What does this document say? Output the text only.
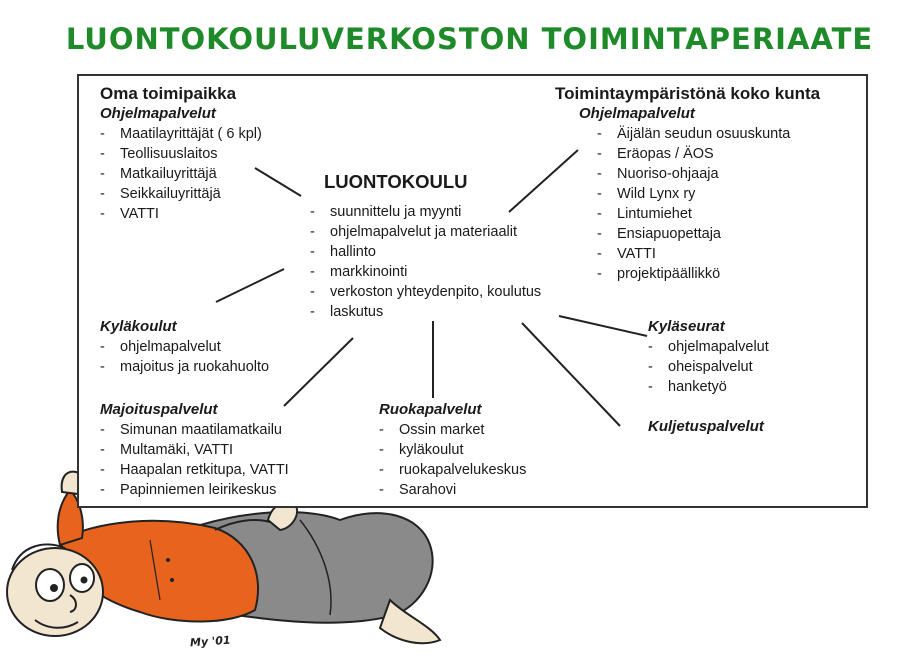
LUONTOKOULUVERKOSTON TOIMINTAPERIAATE
Oma toimipaikka
Ohjelmapalvelut
- Maatilayrittäjät ( 6 kpl)
- Teollisuuslaitos
- Matkailuyrittäjä
- Seikkailuyrittäjä
- VATTI
Toimintaympäristönä koko kunta
Ohjelmapalvelut
- Äijälän seudun osuuskunta
- Eräopas / ÄOS
- Nuoriso-ohjaaja
- Wild Lynx ry
- Lintumiehet
- Ensiapuopettaja
- VATTI
- projektipäällikkö
LUONTOKOULU
- suunnittelu ja myynti
- ohjelmapalvelut ja materiaalit
- hallinto
- markkinointi
- verkoston yhteydenpito, koulutus
- laskutus
Kyläkoulut
- ohjelmapalvelut
- majoitus ja ruokahuolto
Kyläseurat
- ohjelmapalvelut
- oheispalvelut
- hanketyö
Majoituspalvelut
- Simunan maatilamatkailu
- Multamäki, VATTI
- Haapalan retkitupa, VATTI
- Papinniemen leirikeskus
Ruokapalvelut
- Ossin market
- kyläkoulut
- ruokapalvelukeskus
- Sarahovi
Kuljetuspalvelut
My '01
